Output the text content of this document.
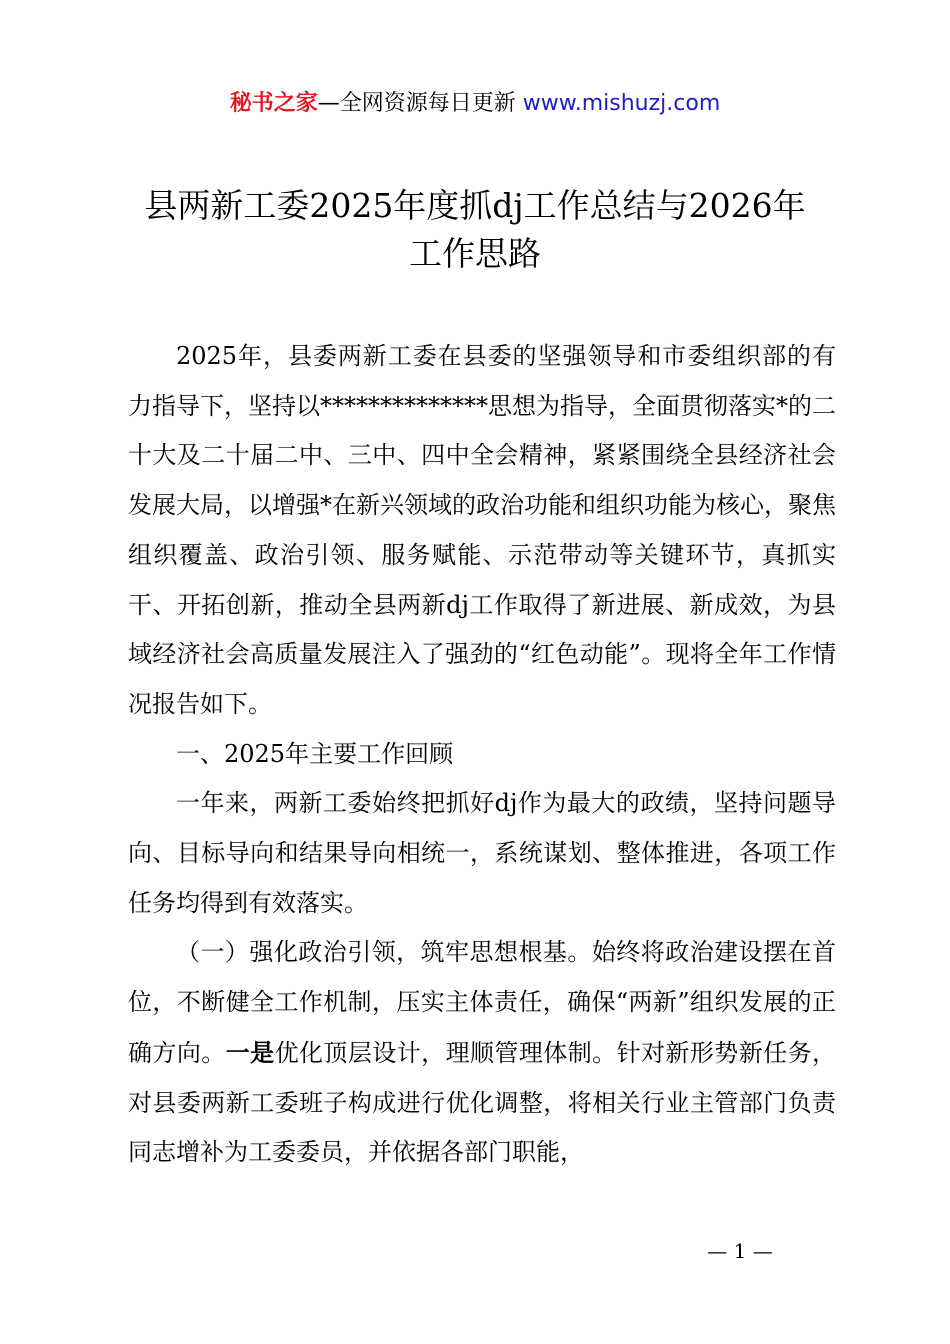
秘书之家—全网资源每日更新 www.mishuzj.com
县两新工委2025年度抓dj工作总结与2026年
工作思路

2025年，县委两新工委在县委的坚强领导和市委组织部的有力指导下，坚持以**************思想为指导，全面贯彻落实*的二十大及二十届二中、三中、四中全会精神，紧紧围绕全县经济社会发展大局，以增强*在新兴领域的政治功能和组织功能为核心，聚焦组织覆盖、政治引领、服务赋能、示范带动等关键环节，真抓实干、开拓创新，推动全县两新dj工作取得了新进展、新成效，为县域经济社会高质量发展注入了强劲的“红色动能”。现将全年工作情况报告如下。

一、2025年主要工作回顾

一年来，两新工委始终把抓好dj作为最大的政绩，坚持问题导向、目标导向和结果导向相统一，系统谋划、整体推进，各项工作任务均得到有效落实。

（一）强化政治引领，筑牢思想根基。始终将政治建设摆在首位，不断健全工作机制，压实主体责任，确保“两新”组织发展的正确方向。一是优化顶层设计，理顺管理体制。针对新形势新任务，对县委两新工委班子构成进行优化调整，将相关行业主管部门负责同志增补为工委委员，并依据各部门职能，

— 1 —
